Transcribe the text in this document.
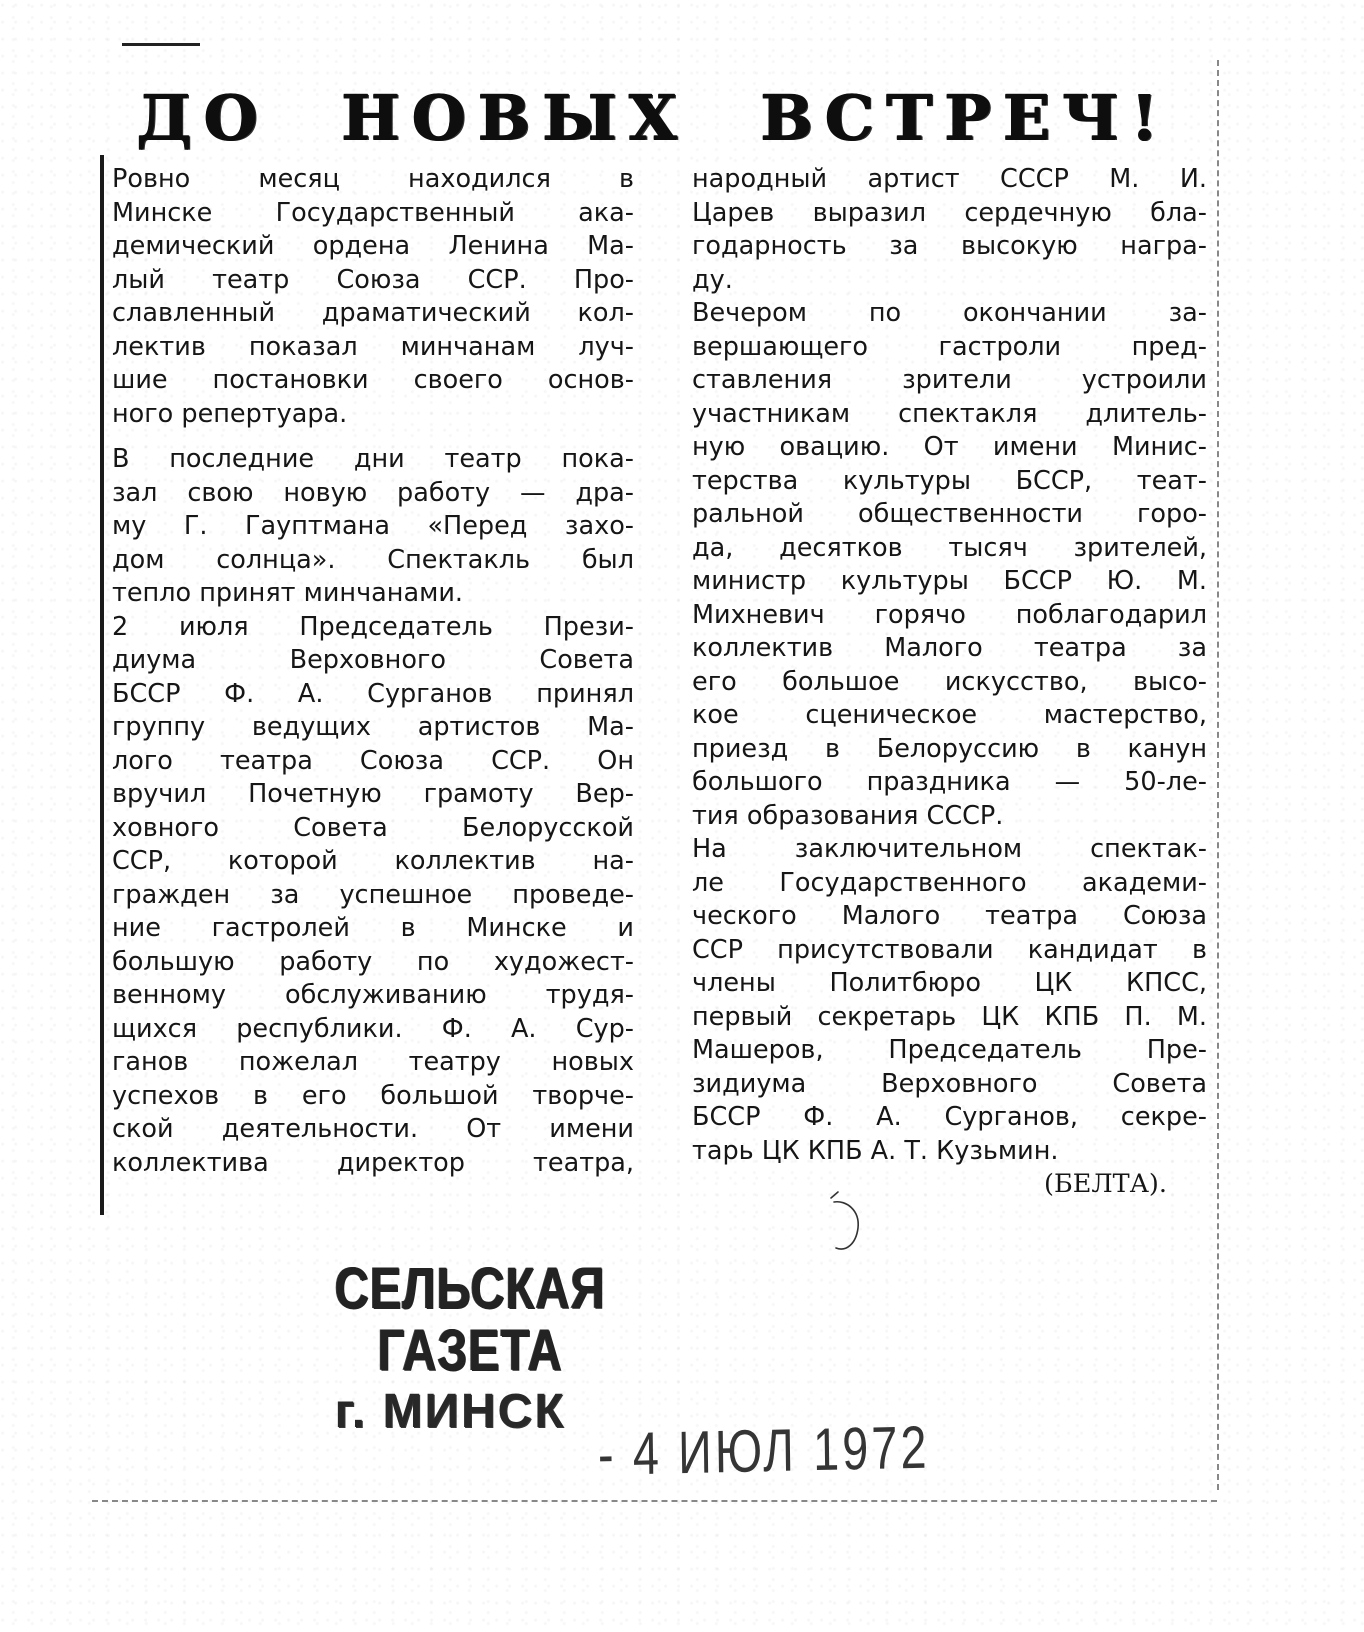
ДО НОВЫХ ВСТРЕЧ!
Ровно месяц находился в
Минске Государственный ака-
демический ордена Ленина Ма-
лый театр Союза ССР. Про-
славленный драматический кол-
лектив показал минчанам луч-
шие постановки своего основ-
ного репертуара.
В последние дни театр пока-
зал свою новую работу — дра-
му Г. Гауптмана «Перед захо-
дом солнца». Спектакль был
тепло принят минчанами.
2 июля Председатель Прези-
диума Верховного Совета
БССР Ф. А. Сурганов принял
группу ведущих артистов Ма-
лого театра Союза ССР. Он
вручил Почетную грамоту Вер-
ховного Совета Белорусской
ССР, которой коллектив на-
гражден за успешное проведе-
ние гастролей в Минске и
большую работу по художест-
венному обслуживанию трудя-
щихся республики. Ф. А. Сур-
ганов пожелал театру новых
успехов в его большой творче-
ской деятельности. От имени
коллектива директор театра,
народный артист СССР М. И.
Царев выразил сердечную бла-
годарность за высокую награ-
ду.
Вечером по окончании за-
вершающего гастроли пред-
ставления зрители устроили
участникам спектакля длитель-
ную овацию. От имени Минис-
терства культуры БССР, теат-
ральной общественности горо-
да, десятков тысяч зрителей,
министр культуры БССР Ю. М.
Михневич горячо поблагодарил
коллектив Малого театра за
его большое искусство, высо-
кое сценическое мастерство,
приезд в Белоруссию в канун
большого праздника — 50-ле-
тия образования СССР.
На заключительном спектак-
ле Государственного академи-
ческого Малого театра Союза
ССР присутствовали кандидат в
члены Политбюро ЦК КПСС,
первый секретарь ЦК КПБ П. М.
Машеров, Председатель Пре-
зидиума Верховного Совета
БССР Ф. А. Сурганов, секре-
тарь ЦК КПБ А. Т. Кузьмин.
(БЕЛТА).
СЕЛЬСКАЯ ГАЗЕТА
г. МИНСК
- 4 ИЮЛ 1972
